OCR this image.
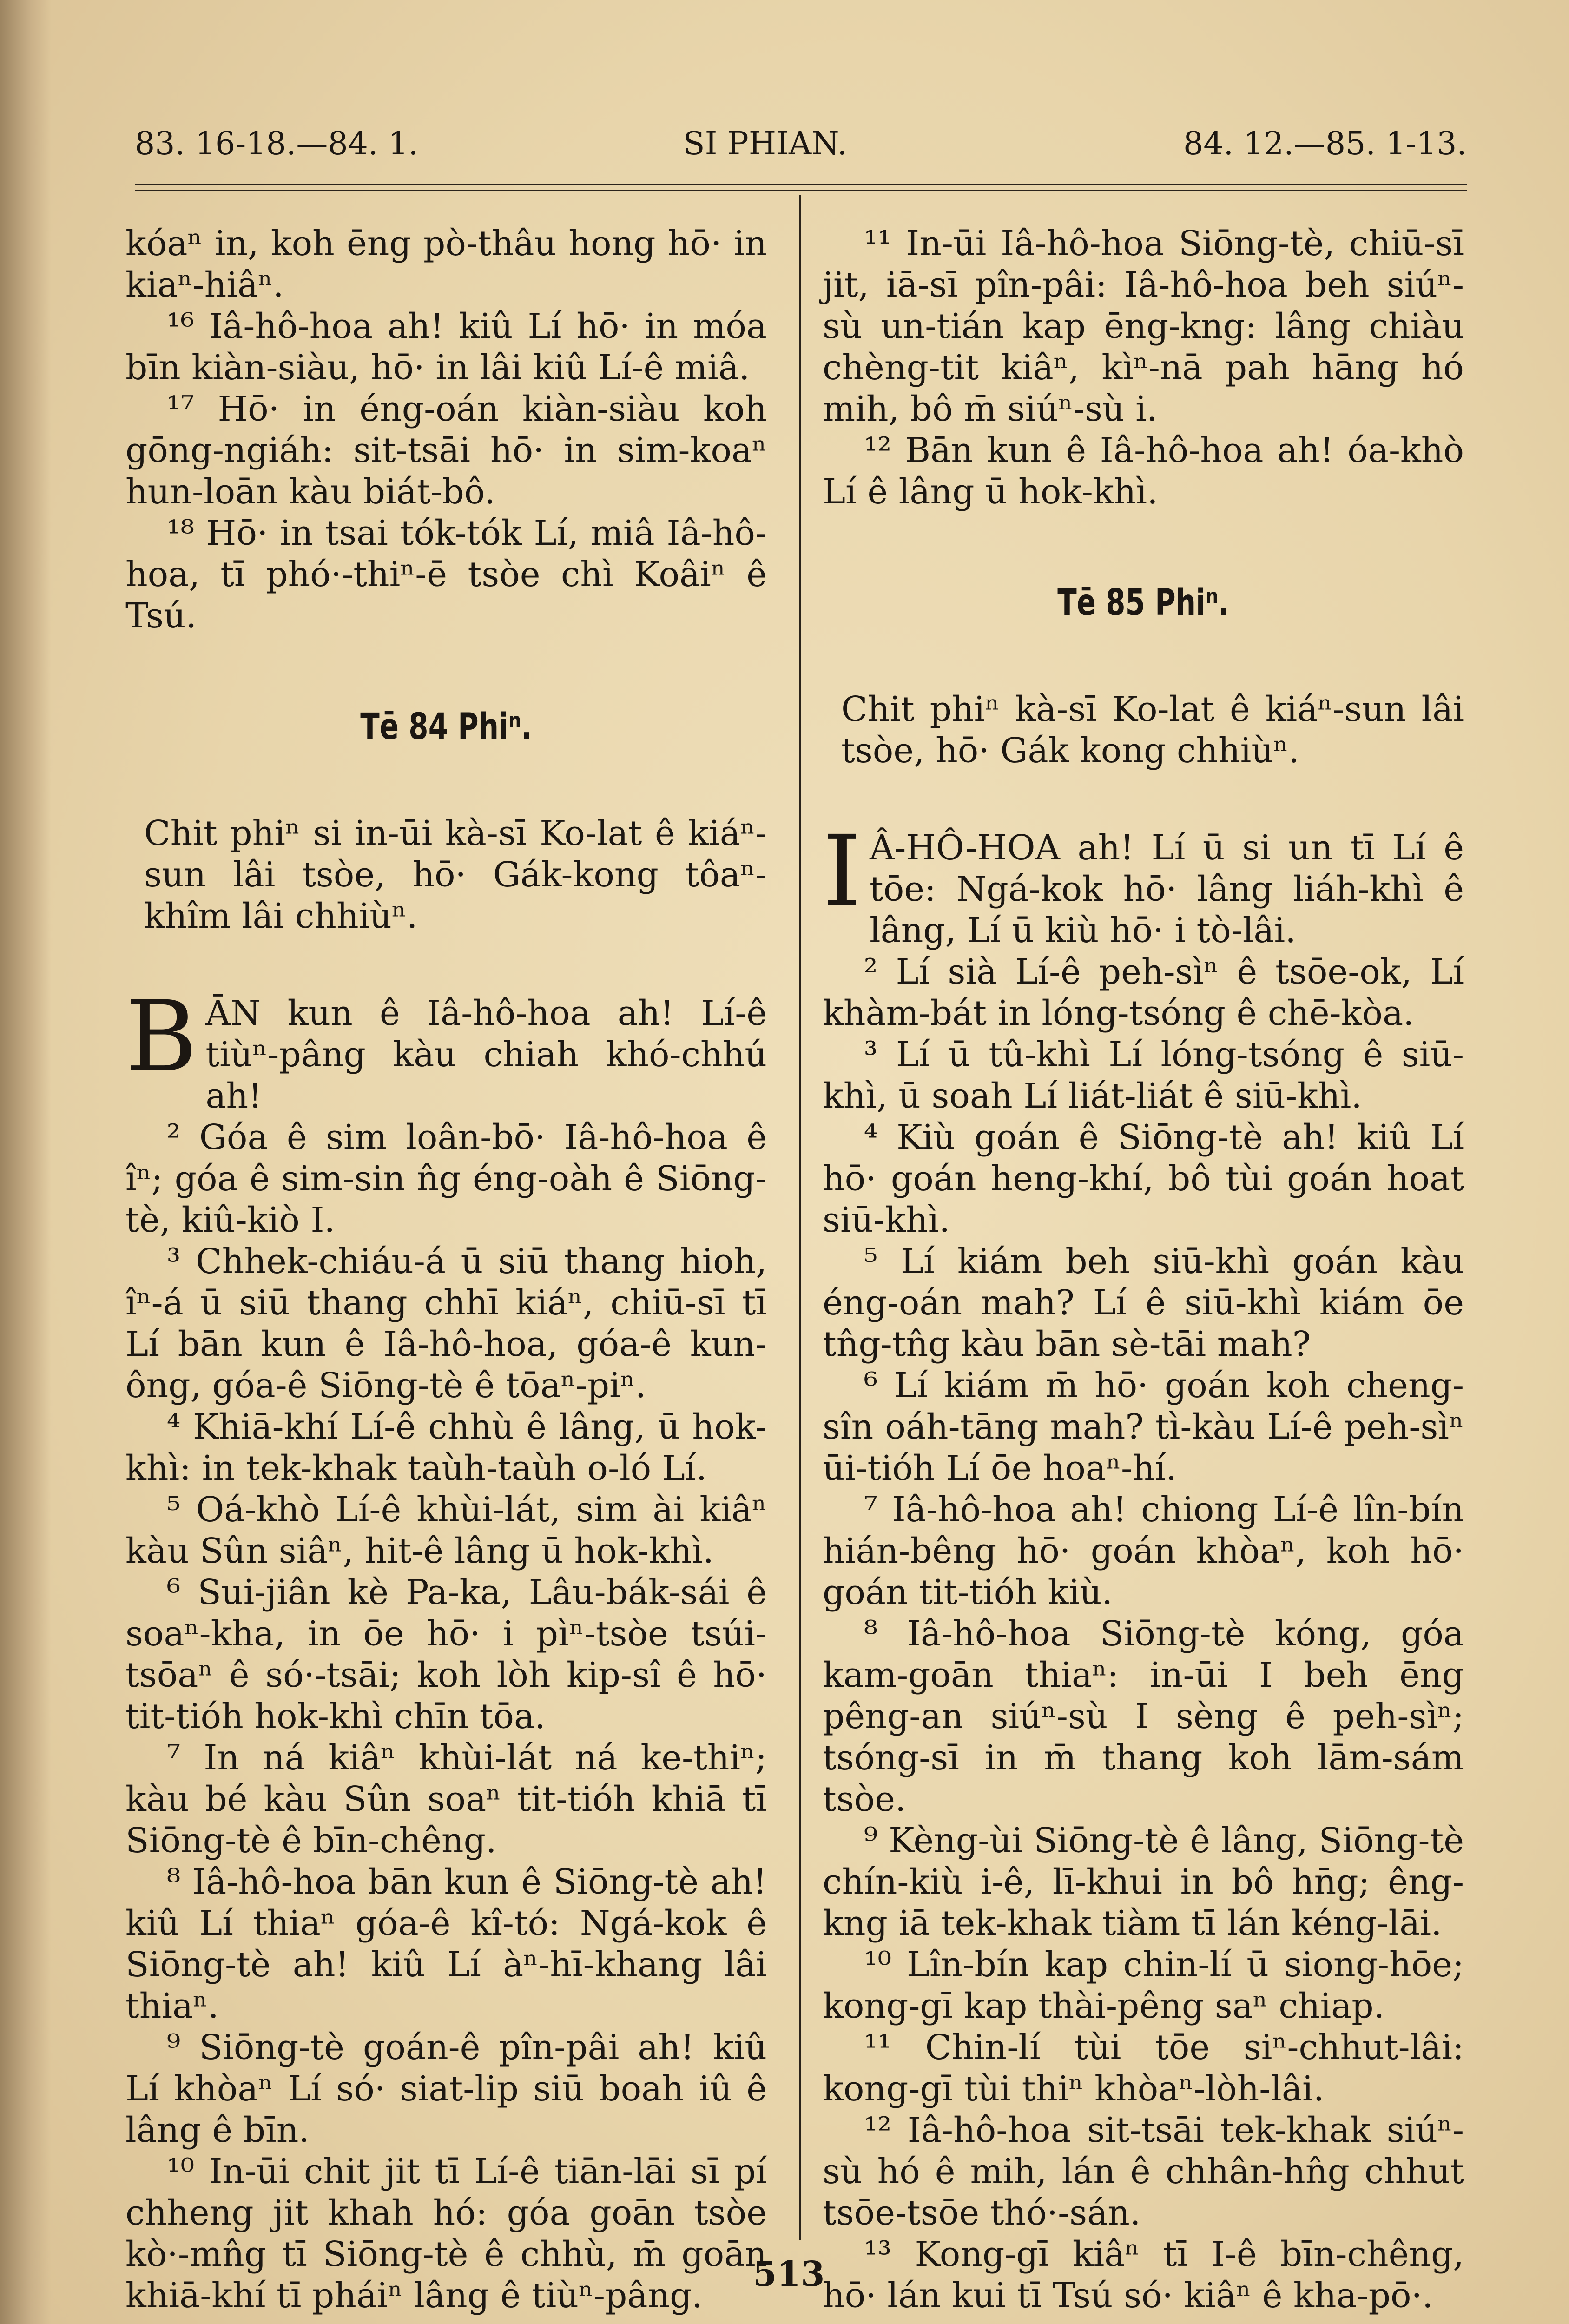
83. 16-18.—84. 1.	SI PHIAN.	84. 12.—85. 1-13.

kóaⁿ in, koh ēng pò-thâu hong hō· in kiaⁿ-hiâⁿ.

¹⁶ Iâ-hô-hoa ah! kiû Lí hō· in móa bīn kiàn-siàu, hō· in lâi kiû Lí-ê miâ.

¹⁷ Hō· in éng-oán kiàn-siàu koh gōng-ngiáh: sit-tsāi hō· in sim-koaⁿ hun-loān kàu biát-bô.

¹⁸ Hō· in tsai tók-tók Lí, miâ Iâ-hô-hoa, tī phó·-thiⁿ-ē tsòe chì Koâiⁿ ê Tsú.

Tē 84 Phiⁿ.

Chit phiⁿ si in-ūi kà-sī Ko-lat ê kiáⁿ-sun lâi tsòe, hō· Gák-kong tôaⁿ-khîm lâi chhiùⁿ.

B ĀN kun ê Iâ-hô-hoa ah! Lí-ê tiùⁿ-pâng kàu chiah khó-chhú ah!

² Góa ê sim loân-bō· Iâ-hô-hoa ê îⁿ; góa ê sim-sin n̂g éng-oàh ê Siōng-tè, kiû-kiò I.

³ Chhek-chiáu-á ū siū thang hioh, îⁿ-á ū siū thang chhī kiáⁿ, chiū-sī tī Lí bān kun ê Iâ-hô-hoa, góa-ê kun-ông, góa-ê Siōng-tè ê tōaⁿ-piⁿ.

⁴ Khiā-khí Lí-ê chhù ê lâng, ū hok-khì: in tek-khak taùh-taùh o-ló Lí.

⁵ Oá-khò Lí-ê khùi-lát, sim ài kiâⁿ kàu Sûn siâⁿ, hit-ê lâng ū hok-khì.

⁶ Sui-jiân kè Pa-ka, Lâu-bák-sái ê soaⁿ-kha, in ōe hō· i pìⁿ-tsòe tsúi-tsōaⁿ ê só·-tsāi; koh lòh kip-sî ê hō· tit-tióh hok-khì chīn tōa.

⁷ In ná kiâⁿ khùi-lát ná ke-thiⁿ; kàu bé kàu Sûn soaⁿ tit-tióh khiā tī Siōng-tè ê bīn-chêng.

⁸ Iâ-hô-hoa bān kun ê Siōng-tè ah! kiû Lí thiaⁿ góa-ê kî-tó: Ngá-kok ê Siōng-tè ah! kiû Lí àⁿ-hī-khang lâi thiaⁿ.

⁹ Siōng-tè goán-ê pîn-pâi ah! kiû Lí khòaⁿ Lí só· siat-lip siū boah iû ê lâng ê bīn.

¹⁰ In-ūi chit jit tī Lí-ê tiān-lāi sī pí chheng jit khah hó: góa goān tsòe kò·-mn̂g tī Siōng-tè ê chhù, m̄ goān khiā-khí tī pháiⁿ lâng ê tiùⁿ-pâng.

¹¹ In-ūi Iâ-hô-hoa Siōng-tè, chiū-sī jit, iā-sī pîn-pâi: Iâ-hô-hoa beh siúⁿ-sù un-tián kap ēng-kng: lâng chiàu chèng-tit kiâⁿ, kìⁿ-nā pah hāng hó mih, bô m̄ siúⁿ-sù i.

¹² Bān kun ê Iâ-hô-hoa ah! óa-khò Lí ê lâng ū hok-khì.

Tē 85 Phiⁿ.

Chit phiⁿ kà-sī Ko-lat ê kiáⁿ-sun lâi tsòe, hō· Gák kong chhiùⁿ.

I Â-HÔ-HOA ah! Lí ū si un tī Lí ê tōe: Ngá-kok hō· lâng liáh-khì ê lâng, Lí ū kiù hō· i tò-lâi.

² Lí sià Lí-ê peh-sìⁿ ê tsōe-ok, Lí khàm-bát in lóng-tsóng ê chē-kòa.

³ Lí ū tû-khì Lí lóng-tsóng ê siū-khì, ū soah Lí liát-liát ê siū-khì.

⁴ Kiù goán ê Siōng-tè ah! kiû Lí hō· goán heng-khí, bô tùi goán hoat siū-khì.

⁵ Lí kiám beh siū-khì goán kàu éng-oán mah? Lí ê siū-khì kiám ōe tn̂g-tn̂g kàu bān sè-tāi mah?

⁶ Lí kiám m̄ hō· goán koh cheng-sîn oáh-tāng mah? tì-kàu Lí-ê peh-sìⁿ ūi-tióh Lí ōe hoaⁿ-hí.

⁷ Iâ-hô-hoa ah! chiong Lí-ê lîn-bín hián-bêng hō· goán khòaⁿ, koh hō· goán tit-tióh kiù.

⁸ Iâ-hô-hoa Siōng-tè kóng, góa kam-goān thiaⁿ: in-ūi I beh ēng pêng-an siúⁿ-sù I sèng ê peh-sìⁿ; tsóng-sī in m̄ thang koh lām-sám tsòe.

⁹ Kèng-ùi Siōng-tè ê lâng, Siōng-tè chín-kiù i-ê, lī-khui in bô hn̄g; êng-kng iā tek-khak tiàm tī lán kéng-lāi.

¹⁰ Lîn-bín kap chin-lí ū siong-hōe; kong-gī kap thài-pêng saⁿ chiap.

¹¹ Chin-lí tùi tōe siⁿ-chhut-lâi: kong-gī tùi thiⁿ khòaⁿ-lòh-lâi.

¹² Iâ-hô-hoa sit-tsāi tek-khak siúⁿ-sù hó ê mih, lán ê chhân-hn̂g chhut tsōe-tsōe thó·-sán.

¹³ Kong-gī kiâⁿ tī I-ê bīn-chêng, hō· lán kui tī Tsú só· kiâⁿ ê kha-pō·.

513
